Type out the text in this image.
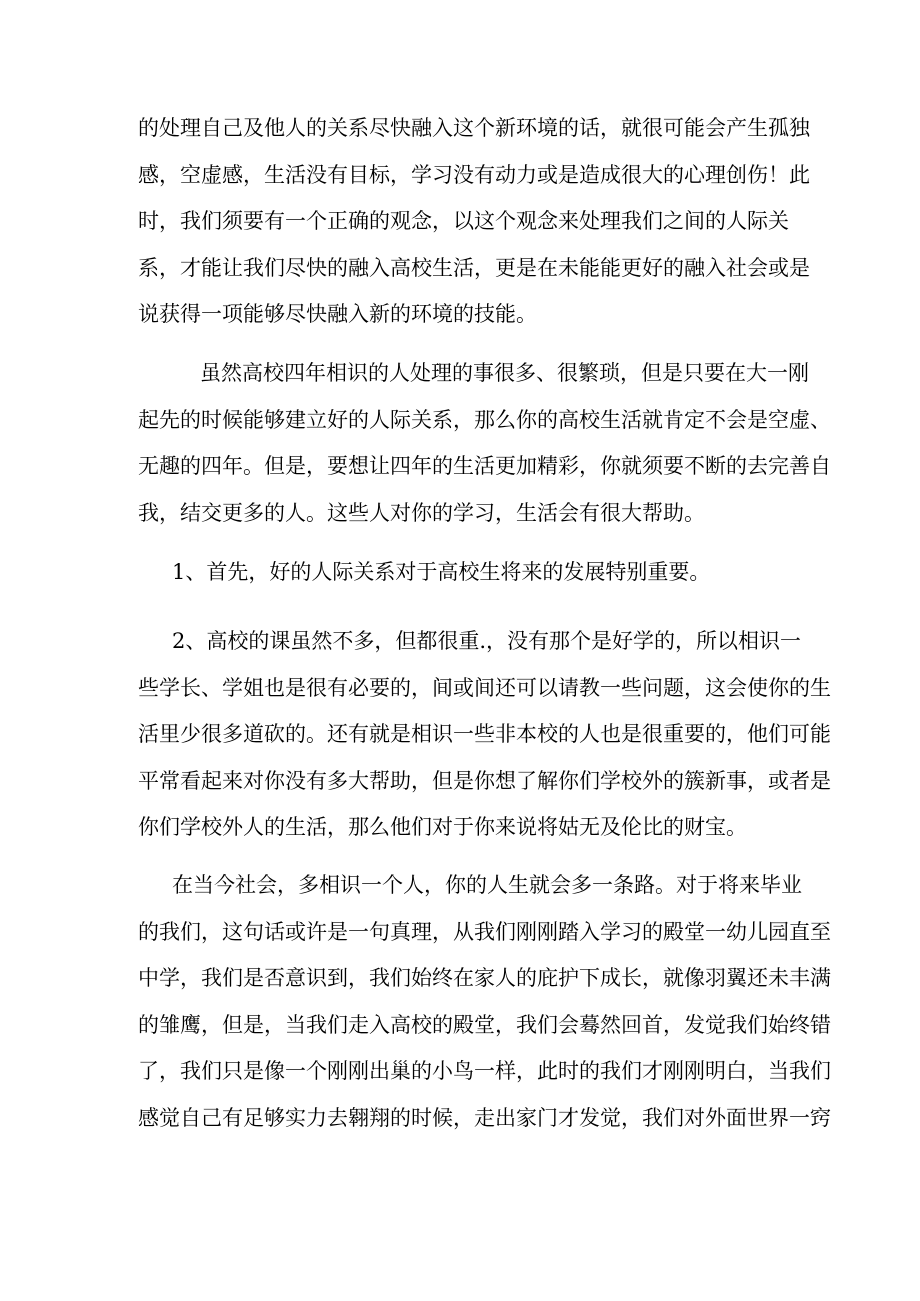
的处理自己及他人的关系尽快融入这个新环境的话，就很可能会产生孤独
感，空虚感，生活没有目标，学习没有动力或是造成很大的心理创伤！此
时，我们须要有一个正确的观念，以这个观念来处理我们之间的人际关
系，才能让我们尽快的融入高校生活，更是在未能能更好的融入社会或是
说获得一项能够尽快融入新的环境的技能。
虽然高校四年相识的人处理的事很多、很繁琐，但是只要在大一刚
起先的时候能够建立好的人际关系，那么你的高校生活就肯定不会是空虚、
无趣的四年。但是，要想让四年的生活更加精彩，你就须要不断的去完善自
我，结交更多的人。这些人对你的学习，生活会有很大帮助。
1、首先，好的人际关系对于高校生将来的发展特别重要。
2、高校的课虽然不多，但都很重.，没有那个是好学的，所以相识一
些学长、学姐也是很有必要的，间或间还可以请教一些问题，这会使你的生
活里少很多道砍的。还有就是相识一些非本校的人也是很重要的，他们可能
平常看起来对你没有多大帮助，但是你想了解你们学校外的簇新事，或者是
你们学校外人的生活，那么他们对于你来说将姑无及伦比的财宝。
在当今社会，多相识一个人，你的人生就会多一条路。对于将来毕业
的我们，这句话或许是一句真理，从我们刚刚踏入学习的殿堂一幼儿园直至
中学，我们是否意识到，我们始终在家人的庇护下成长，就像羽翼还未丰满
的雏鹰，但是，当我们走入高校的殿堂，我们会蓦然回首，发觉我们始终错
了，我们只是像一个刚刚出巢的小鸟一样，此时的我们才刚刚明白，当我们
感觉自己有足够实力去翱翔的时候，走出家门才发觉，我们对外面世界一窍
